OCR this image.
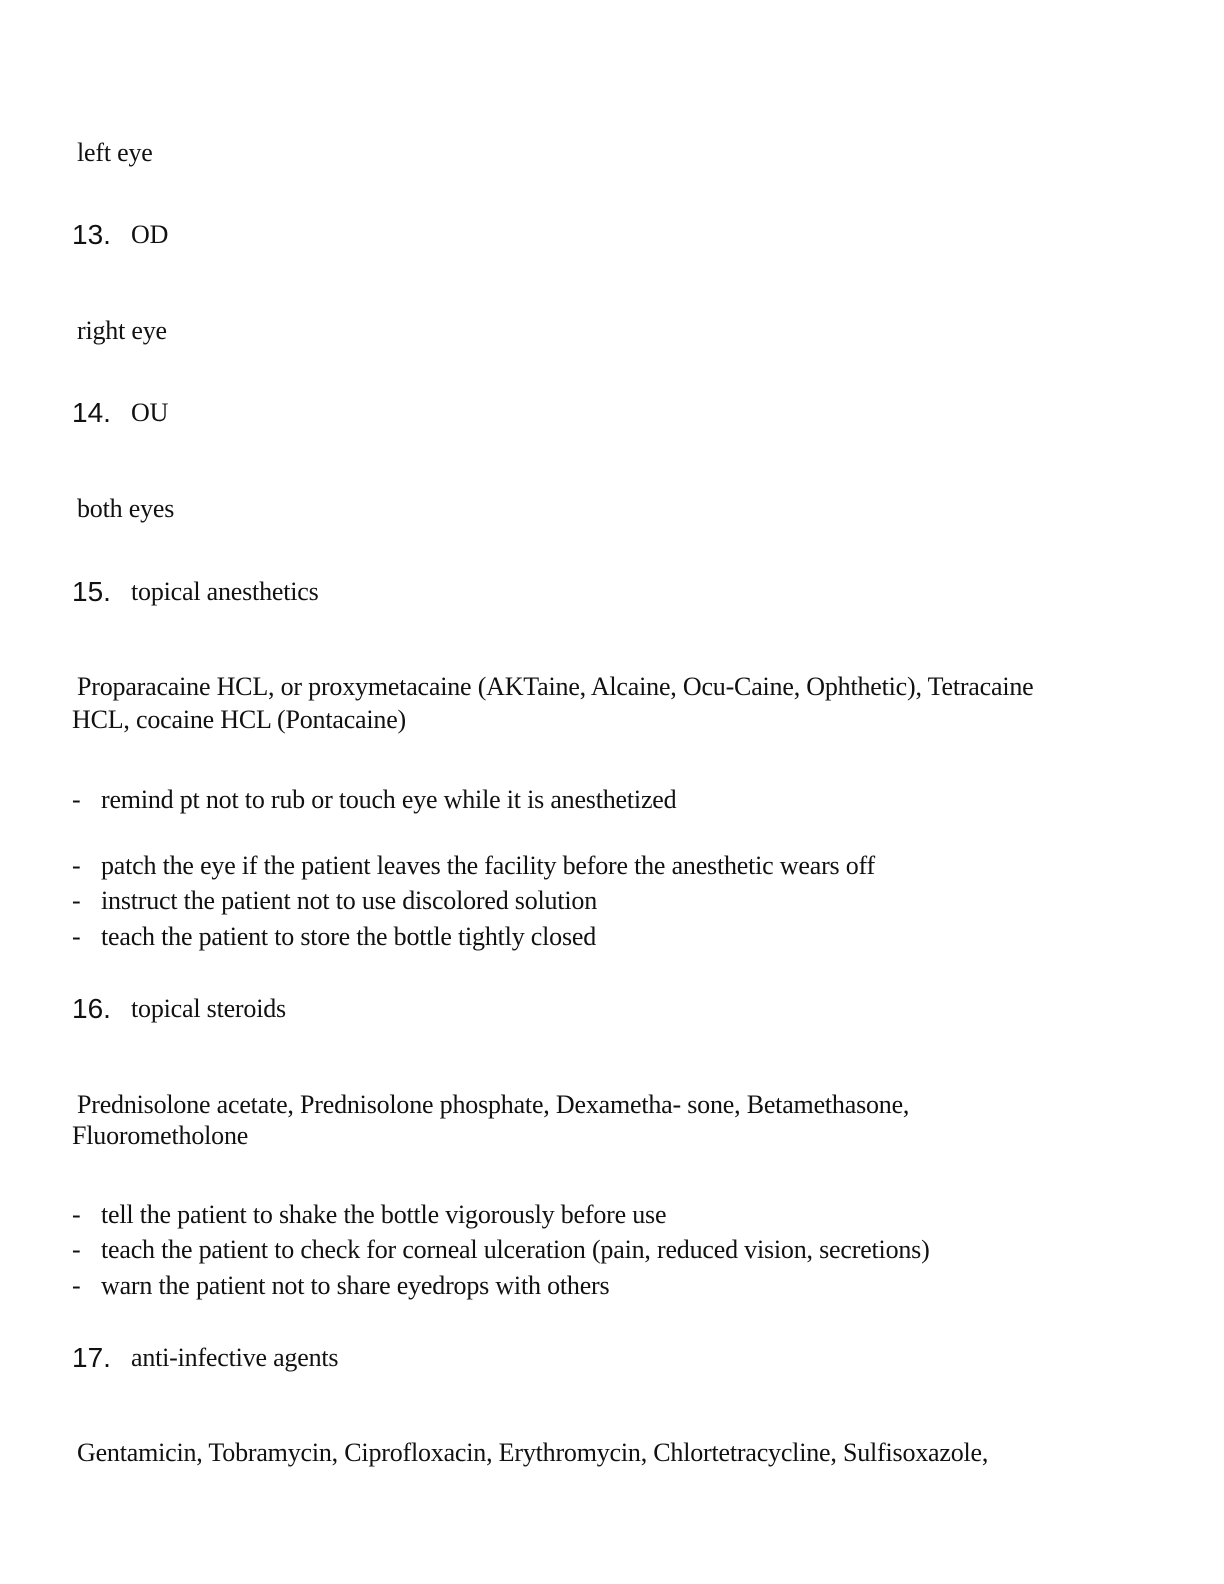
left eye
13. OD
right eye
14. OU
both eyes
15. topical anesthetics
Proparacaine HCL, or proxymetacaine (AKTaine, Alcaine, Ocu-Caine, Ophthetic), Tetracaine
HCL, cocaine HCL (Pontacaine)
- remind pt not to rub or touch eye while it is anesthetized
- patch the eye if the patient leaves the facility before the anesthetic wears off
- instruct the patient not to use discolored solution
- teach the patient to store the bottle tightly closed
16. topical steroids
Prednisolone acetate, Prednisolone phosphate, Dexametha- sone, Betamethasone,
Fluorometholone
- tell the patient to shake the bottle vigorously before use
- teach the patient to check for corneal ulceration (pain, reduced vision, secretions)
- warn the patient not to share eyedrops with others
17. anti-infective agents
Gentamicin, Tobramycin, Ciprofloxacin, Erythromycin, Chlortetracycline, Sulfisoxazole,
